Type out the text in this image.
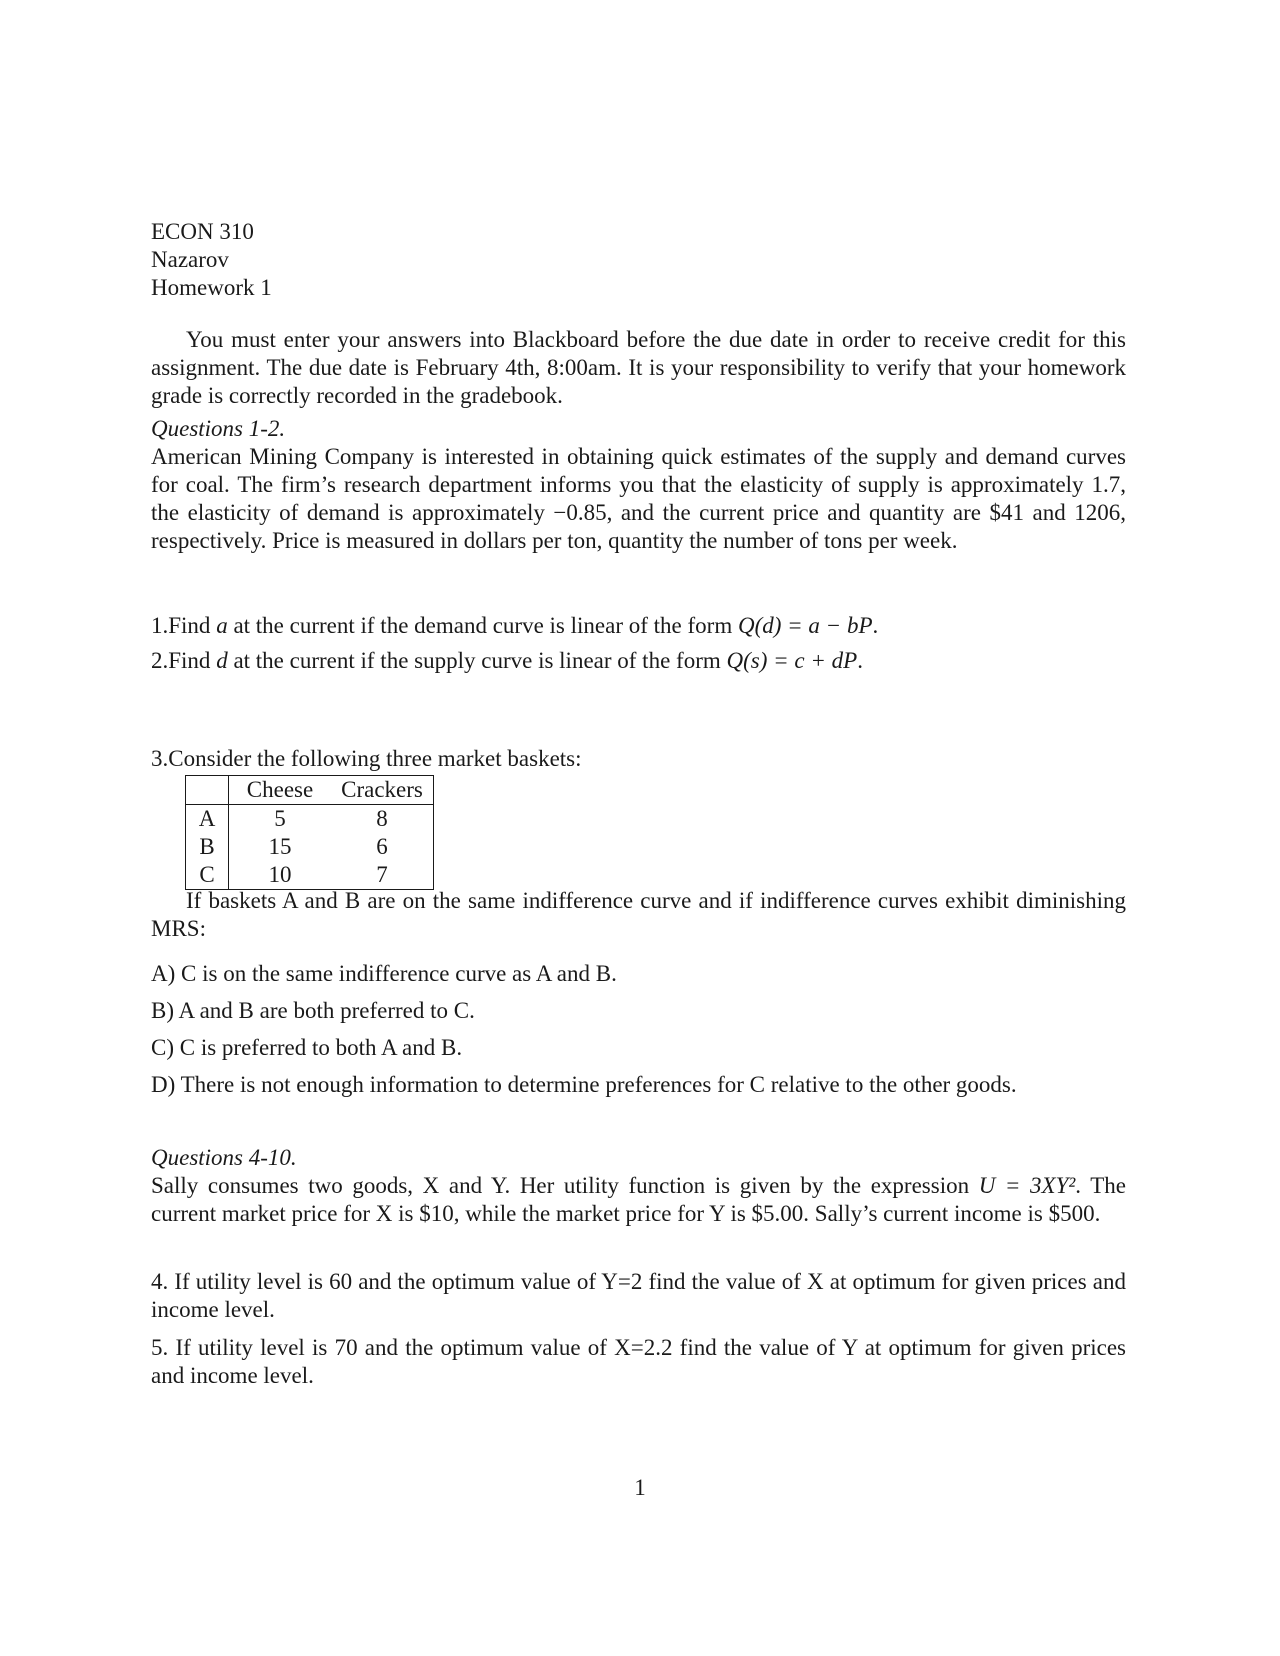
ECON 310

Nazarov

Homework 1

You must enter your answers into Blackboard before the due date in order to receive credit for this assignment. The due date is February 4th, 8:00am. It is your responsibility to verify that your homework grade is correctly recorded in the gradebook.

Questions 1-2.

American Mining Company is interested in obtaining quick estimates of the supply and demand curves for coal. The firm’s research department informs you that the elasticity of supply is approximately 1.7, the elasticity of demand is approximately −0.85, and the current price and quantity are $41 and 1206, respectively. Price is measured in dollars per ton, quantity the number of tons per week.

1.Find a at the current if the demand curve is linear of the form Q(d) = a − bP.

2.Find d at the current if the supply curve is linear of the form Q(s) = c + dP.

3.Consider the following three market baskets:

	Cheese	Crackers
A	5	8
B	15	6
C	10	7

If baskets A and B are on the same indifference curve and if indifference curves exhibit diminishing MRS:

A) C is on the same indifference curve as A and B.

B) A and B are both preferred to C.

C) C is preferred to both A and B.

D) There is not enough information to determine preferences for C relative to the other goods.

Questions 4-10.

Sally consumes two goods, X and Y. Her utility function is given by the expression U = 3XY². The current market price for X is $10, while the market price for Y is $5.00. Sally’s current income is $500.

4. If utility level is 60 and the optimum value of Y=2 find the value of X at optimum for given prices and income level.

5. If utility level is 70 and the optimum value of X=2.2 find the value of Y at optimum for given prices and income level.

1
